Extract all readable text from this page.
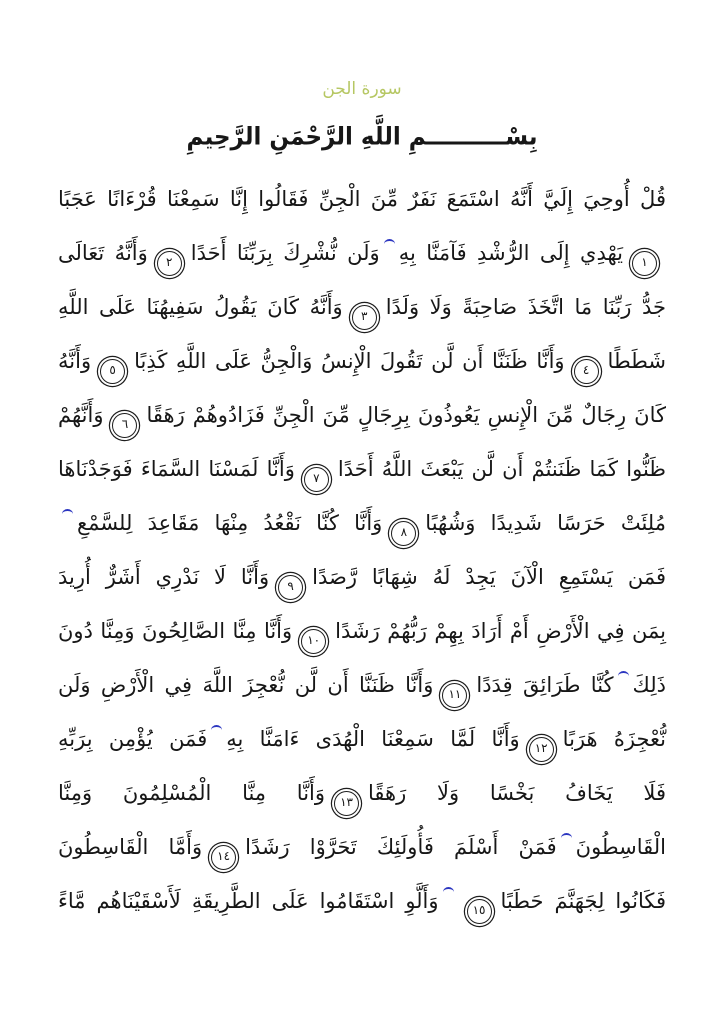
سورة الجن
بِسْــــــــــمِ اللَّهِ الرَّحْمَنِ الرَّحِيمِ
قُلْ أُوحِيَ إِلَيَّ أَنَّهُ اسْتَمَعَ نَفَرٌ مِّنَ الْجِنِّ فَقَالُوا إِنَّا سَمِعْنَا قُرْءَانًا عَجَبًا
١
يَهْدِي إِلَى الرُّشْدِ فَآمَنَّا بِهِوَلَن نُّشْرِكَ بِرَبِّنَا أَحَدًا
٢
وَأَنَّهُ تَعَالَى
جَدُّ رَبِّنَا مَا اتَّخَذَ صَاحِبَةً وَلَا وَلَدًا
٣
وَأَنَّهُ كَانَ يَقُولُ سَفِيهُنَا عَلَى اللَّهِ
شَطَطًا
٤
وَأَنَّا ظَنَنَّا أَن لَّن تَقُولَ الْإِنسُ وَالْجِنُّ عَلَى اللَّهِ كَذِبًا
٥
وَأَنَّهُ
كَانَ رِجَالٌ مِّنَ الْإِنسِ يَعُوذُونَ بِرِجَالٍ مِّنَ الْجِنِّ فَزَادُوهُمْ رَهَقًا
٦
وَأَنَّهُمْ
ظَنُّوا كَمَا ظَنَنتُمْ أَن لَّن يَبْعَثَ اللَّهُ أَحَدًا
٧
وَأَنَّا لَمَسْنَا السَّمَاءَ فَوَجَدْنَاهَا
مُلِئَتْ حَرَسًا شَدِيدًا وَشُهُبًا
٨
وَأَنَّا كُنَّا نَقْعُدُ مِنْهَا مَقَاعِدَ لِلسَّمْعِ
فَمَن يَسْتَمِعِ الْآنَ يَجِدْ لَهُ شِهَابًا رَّصَدًا
٩
وَأَنَّا لَا نَدْرِي أَشَرٌّ أُرِيدَ
بِمَن فِي الْأَرْضِ أَمْ أَرَادَ بِهِمْ رَبُّهُمْ رَشَدًا
١٠
وَأَنَّا مِنَّا الصَّالِحُونَ وَمِنَّا دُونَ
ذَلِكَكُنَّا طَرَائِقَ قِدَدًا
١١
وَأَنَّا ظَنَنَّا أَن لَّن نُّعْجِزَ اللَّهَ فِي الْأَرْضِ وَلَن
نُّعْجِزَهُ هَرَبًا
١٢
وَأَنَّا لَمَّا سَمِعْنَا الْهُدَى ءَامَنَّا بِهِفَمَن يُؤْمِن بِرَبِّهِ
فَلَا يَخَافُ بَخْسًا وَلَا رَهَقًا
١٣
وَأَنَّا مِنَّا الْمُسْلِمُونَ وَمِنَّا
الْقَاسِطُونَفَمَنْ أَسْلَمَ فَأُولَئِكَ تَحَرَّوْا رَشَدًا
١٤
وَأَمَّا الْقَاسِطُونَ
فَكَانُوا لِجَهَنَّمَ حَطَبًا
١٥
وَأَلَّوِ اسْتَقَامُوا عَلَى الطَّرِيقَةِ لَأَسْقَيْنَاهُم مَّاءً
